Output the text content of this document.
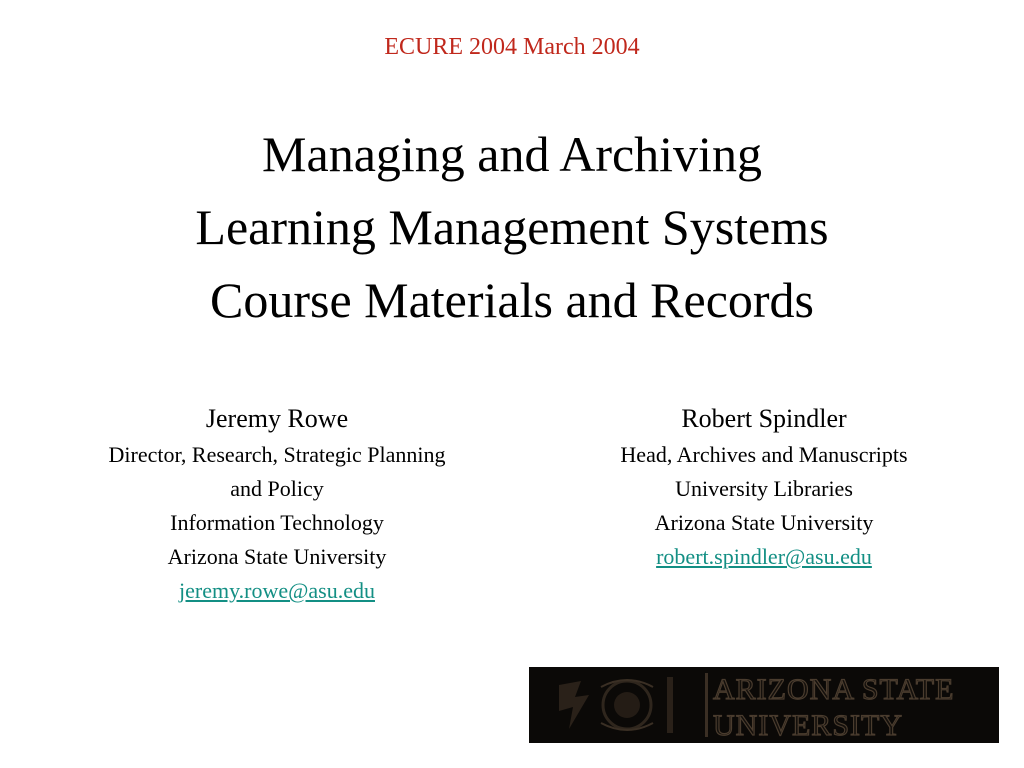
ECURE 2004 March 2004
Managing and Archiving
Learning Management Systems
Course Materials and Records
Jeremy Rowe
Director, Research, Strategic Planning
and Policy
Information Technology
Arizona State University
jeremy.rowe@asu.edu
Robert Spindler
Head, Archives and Manuscripts
University Libraries
Arizona State University
robert.spindler@asu.edu
ARIZONA STATE
UNIVERSITY
